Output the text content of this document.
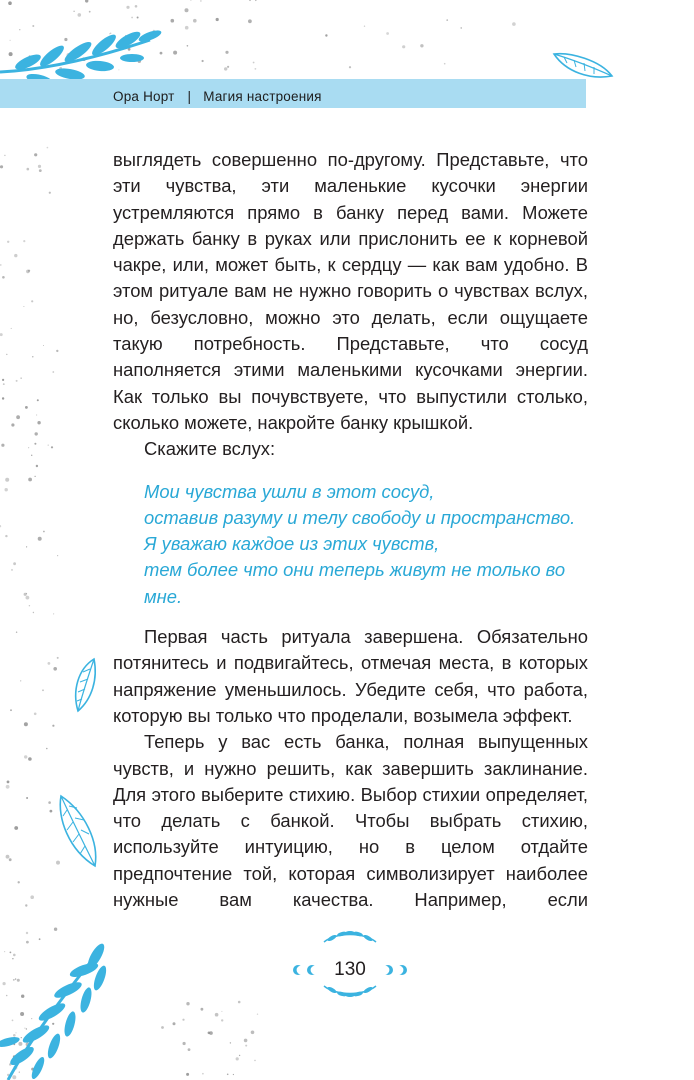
Ора Норт | Магия настроения

выглядеть совершенно по-другому. Представьте, что эти чувства, эти маленькие кусочки энергии устремляются прямо в банку перед вами. Можете держать банку в руках или прислонить ее к корневой чакре, или, может быть, к сердцу — как вам удобно. В этом ритуале вам не нужно говорить о чувствах вслух, но, безусловно, можно это делать, если ощущаете такую потребность. Представьте, что сосуд наполняется этими маленькими кусочками энергии. Как только вы почувствуете, что выпустили столько, сколько можете, накройте банку крышкой.

Скажите вслух:

Мои чувства ушли в этот сосуд,
оставив разуму и телу свободу и пространство.
Я уважаю каждое из этих чувств,
тем более что они теперь живут не только во мне.

Первая часть ритуала завершена. Обязательно потянитесь и подвигайтесь, отмечая места, в которых напряжение уменьшилось. Убедите себя, что работа, которую вы только что проделали, возымела эффект.

Теперь у вас есть банка, полная выпущенных чувств, и нужно решить, как завершить заклинание. Для этого выберите стихию. Выбор стихии определяет, что делать с банкой. Чтобы выбрать стихию, используйте интуицию, но в целом отдайте предпочтение той, которая символизирует наиболее нужные вам качества. Например, если

130
